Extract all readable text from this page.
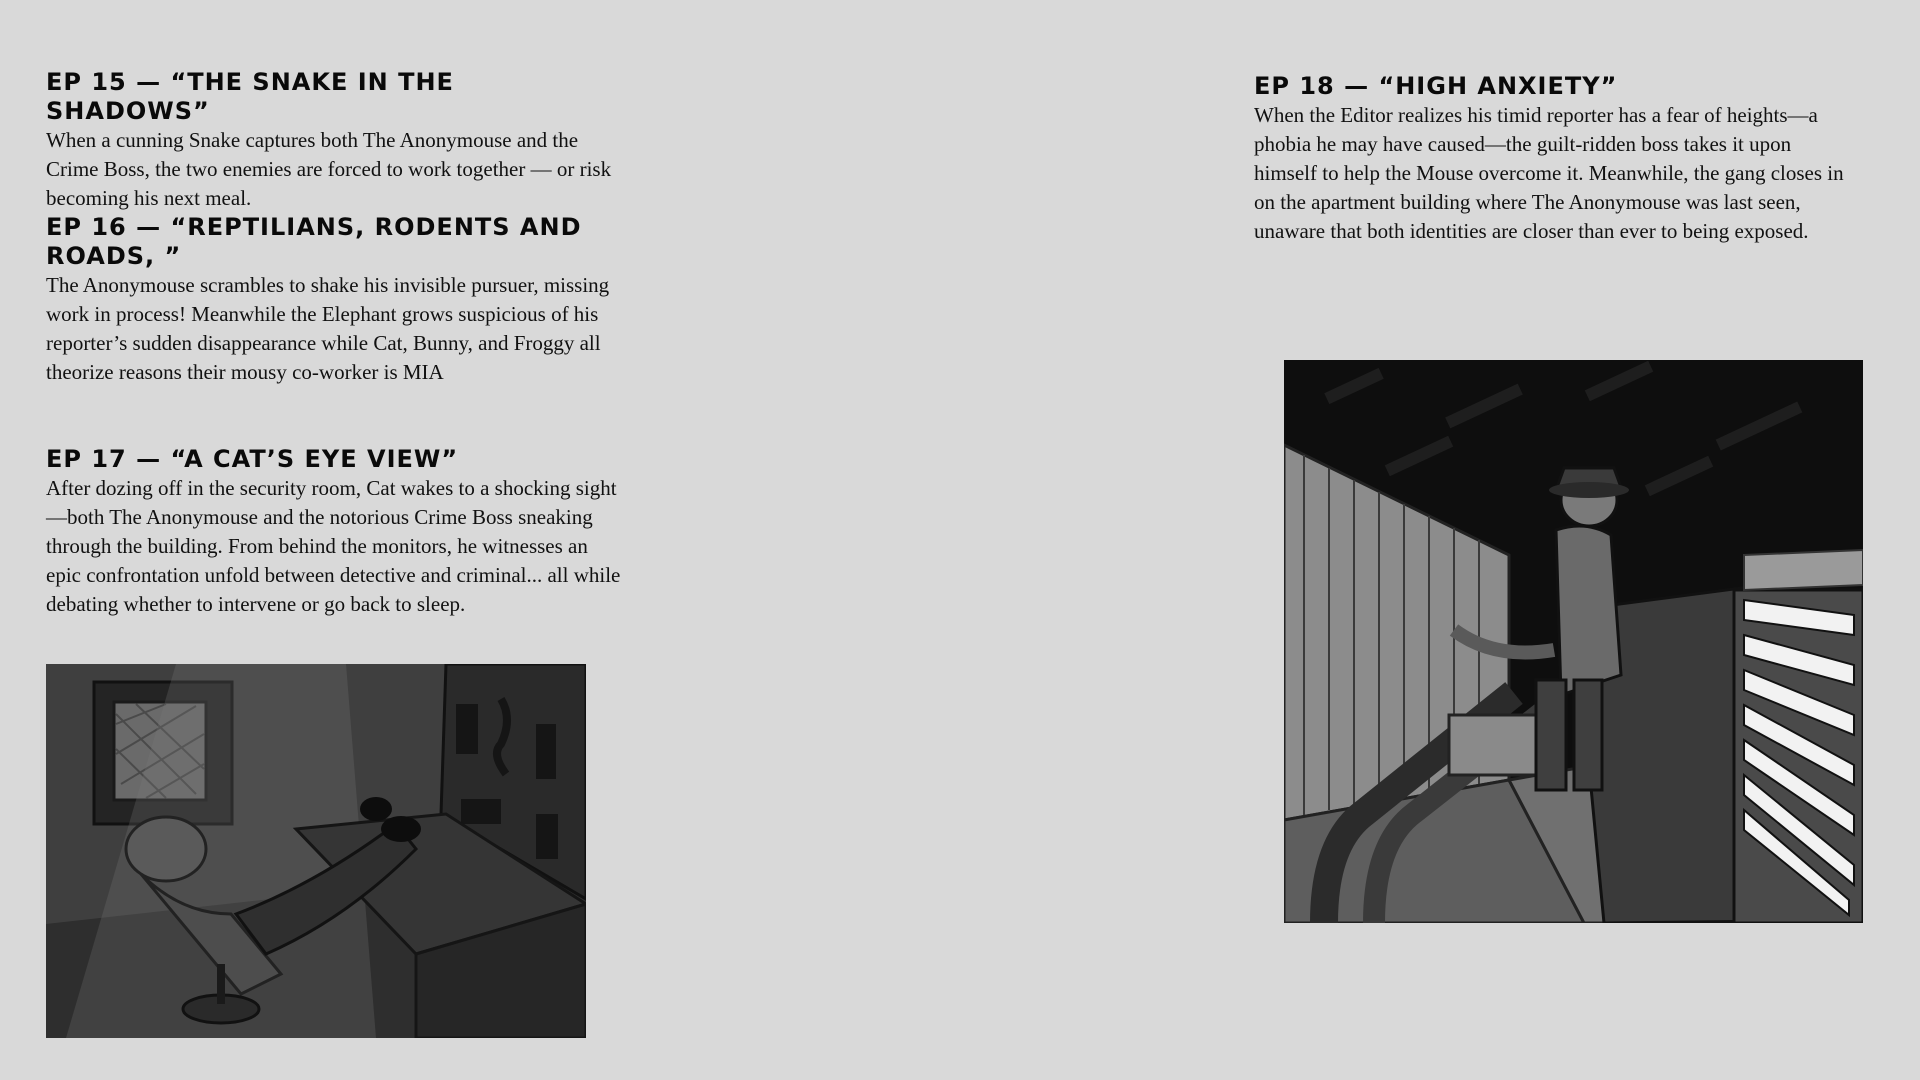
EP 15 — “THE SNAKE IN THE SHADOWS”

When a cunning Snake captures both The Anonymouse and the Crime Boss, the two enemies are forced to work together — or risk becoming his next meal.

EP 16 — “REPTILIANS, RODENTS AND ROADS, ”

The Anonymouse scrambles to shake his invisible pursuer, missing work in process! Meanwhile the Elephant grows suspicious of his reporter’s sudden disappearance while Cat, Bunny, and Froggy all theorize reasons their mousy co-worker is MIA

EP 17 — “A CAT’S EYE VIEW”

After dozing off in the security room, Cat wakes to a shocking sight—both The Anonymouse and the notorious Crime Boss sneaking through the building. From behind the monitors, he witnesses an epic confrontation unfold between detective and criminal... all while debating whether to intervene or go back to sleep.

EP 18 — “HIGH ANXIETY”

When the Editor realizes his timid reporter has a fear of heights—a phobia he may have caused—the guilt-ridden boss takes it upon himself to help the Mouse overcome it. Meanwhile, the gang closes in on the apartment building where The Anonymouse was last seen, unaware that both identities are closer than ever to being exposed.
